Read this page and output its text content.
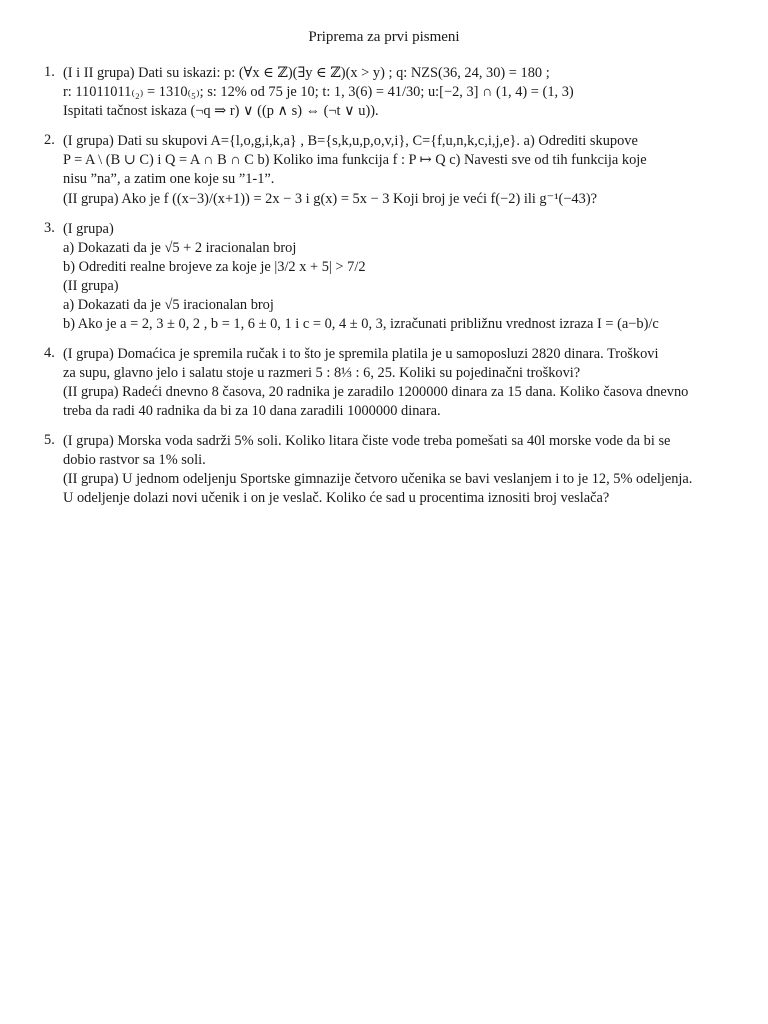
Priprema za prvi pismeni
1. (I i II grupa) Dati su iskazi: p: (∀x ∈ ℤ)(∃y ∈ ℤ)(x > y) ; q: NZS(36, 24, 30) = 180 ;
r: 11011011₍₂₎ = 1310₍₅₎; s: 12% od 75 je 10; t: 1, 3(6) = 41/30; u:[−2, 3] ∩ (1, 4) = (1, 3)
Ispitati tačnost iskaza (¬q ⇒ r) ∨ ((p ∧ s) ⇔ (¬t ∨ u)).
2. (I grupa) Dati su skupovi A={l,o,g,i,k,a} , B={s,k,u,p,o,v,i}, C={f,u,n,k,c,i,j,e}. a) Odrediti skupove
P = A \ (B ∪ C) i Q = A ∩ B ∩ C b) Koliko ima funkcija f : P ↦ Q c) Navesti sve od tih funkcija koje
nisu ”na”, a zatim one koje su ”1-1”.
(II grupa) Ako je f ((x−3)/(x+1)) = 2x − 3 i g(x) = 5x − 3 Koji broj je veći f(−2) ili g⁻¹(−43)?
3. (I grupa)
a) Dokazati da je √5 + 2 iracionalan broj
b) Odrediti realne brojeve za koje je |3/2 x + 5| > 7/2
(II grupa)
a) Dokazati da je √5 iracionalan broj
b) Ako je a = 2, 3 ± 0, 2 , b = 1, 6 ± 0, 1 i c = 0, 4 ± 0, 3, izračunati približnu vrednost izraza I = (a−b)/c
4. (I grupa) Domaćica je spremila ručak i to što je spremila platila je u samoposluzi 2820 dinara. Troškovi
za supu, glavno jelo i salatu stoje u razmeri 5 : 8⅓ : 6, 25. Koliki su pojedinačni troškovi?
(II grupa) Radeći dnevno 8 časova, 20 radnika je zaradilo 1200000 dinara za 15 dana. Koliko časova dnevno
treba da radi 40 radnika da bi za 10 dana zaradili 1000000 dinara.
5. (I grupa) Morska voda sadrži 5% soli. Koliko litara čiste vode treba pomešati sa 40l morske vode da bi se
dobio rastvor sa 1% soli.
(II grupa) U jednom odeljenju Sportske gimnazije četvoro učenika se bavi veslanjem i to je 12, 5% odeljenja.
U odeljenje dolazi novi učenik i on je veslač. Koliko će sad u procentima iznositi broj veslača?
